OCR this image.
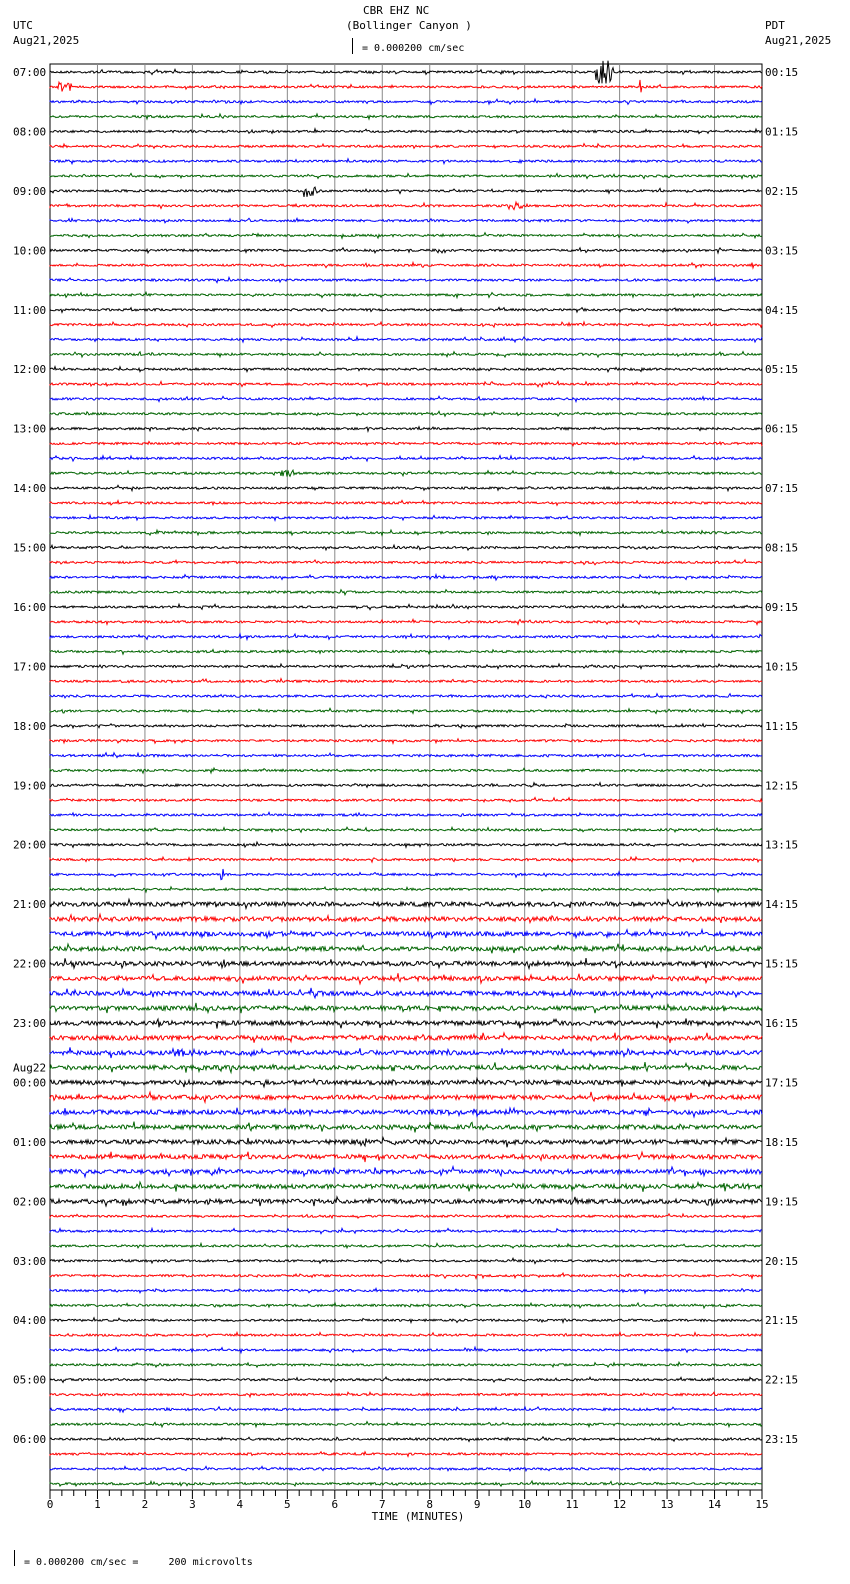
CBR EHZ NC
(Bollinger Canyon )
UTC
Aug21,2025
PDT
Aug21,2025
= 0.000200 cm/sec
07:00	00:15
08:00	01:15
09:00	02:15
10:00	03:15
11:00	04:15
12:00	05:15
13:00	06:15
14:00	07:15
15:00	08:15
16:00	09:15
17:00	10:15
18:00	11:15
19:00	12:15
20:00	13:15
21:00	14:15
22:00	15:15
23:00	16:15
00:00	17:15
Aug22
01:00	18:15
02:00	19:15
03:00	20:15
04:00	21:15
05:00	22:15
06:00	23:15
0	1	2	3	4	5	6	7	8	9	10	11	12	13	14	15
TIME (MINUTES)
= 0.000200 cm/sec =     200 microvolts
